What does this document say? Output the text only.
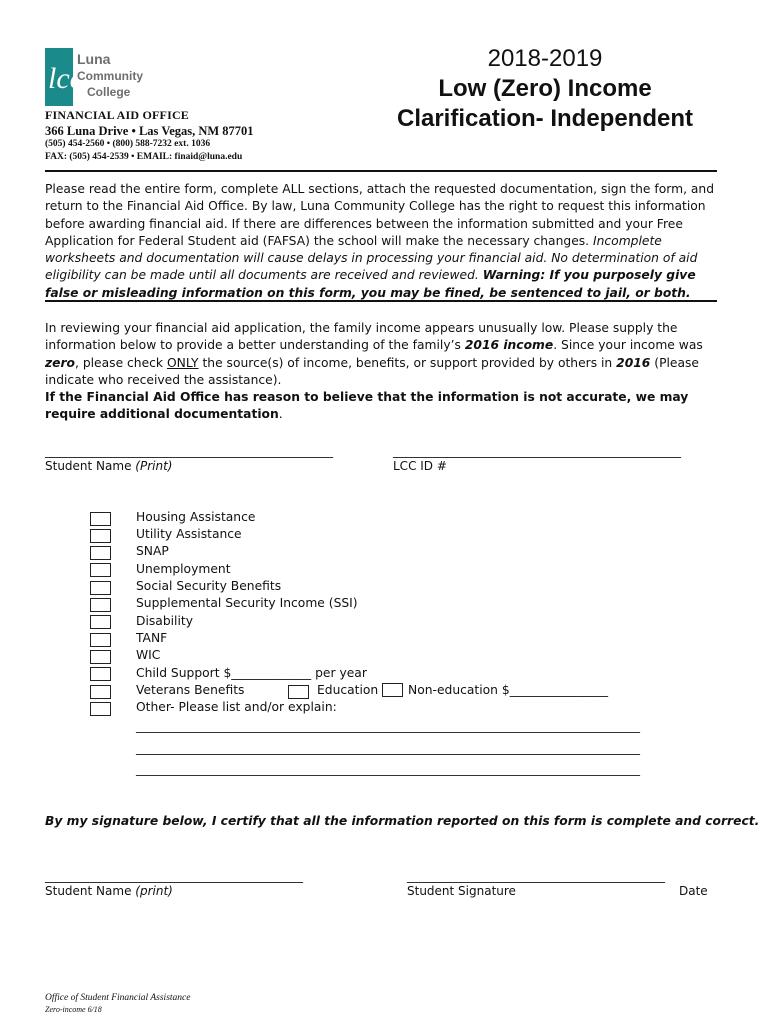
lcc
Luna
Community
College
FINANCIAL AID OFFICE
366 Luna Drive • Las Vegas, NM 87701
(505) 454-2560 • (800) 588-7232 ext. 1036
FAX: (505) 454-2539 • EMAIL: finaid@luna.edu
2018-2019
Low (Zero) Income
Clarification- Independent

Please read the entire form, complete ALL sections, attach the requested documentation, sign the form, and return to the Financial Aid Office. By law, Luna Community College has the right to request this information before awarding financial aid. If there are differences between the information submitted and your Free Application for Federal Student aid (FAFSA) the school will make the necessary changes. Incomplete worksheets and documentation will cause delays in processing your financial aid. No determination of aid eligibility can be made until all documents are received and reviewed. Warning: If you purposely give false or misleading information on this form, you may be fined, be sentenced to jail, or both.

In reviewing your financial aid application, the family income appears unusually low. Please supply the information below to provide a better understanding of the family’s 2016 income. Since your income was zero, please check ONLY the source(s) of income, benefits, or support provided by others in 2016 (Please indicate who received the assistance).
If the Financial Aid Office has reason to believe that the information is not accurate, we may require additional documentation.

________________________________________________	________________________________________________
Student Name (Print)	LCC ID #
Housing Assistance
Utility Assistance
SNAP
Unemployment
Social Security Benefits
Supplemental Security Income (SSI)
Disability
TANF
WIC
Child Support $_____________ per year
Veterans Benefits	Education Non-education $________________
Other- Please list and/or explain:
____________________________________________________________________________________
____________________________________________________________________________________
____________________________________________________________________________________
By my signature below, I certify that all the information reported on this form is complete and correct.
___________________________________________	___________________________________________
Student Name (print)	Student Signature	Date
Office of Student Financial Assistance
Zero-income 6/18
